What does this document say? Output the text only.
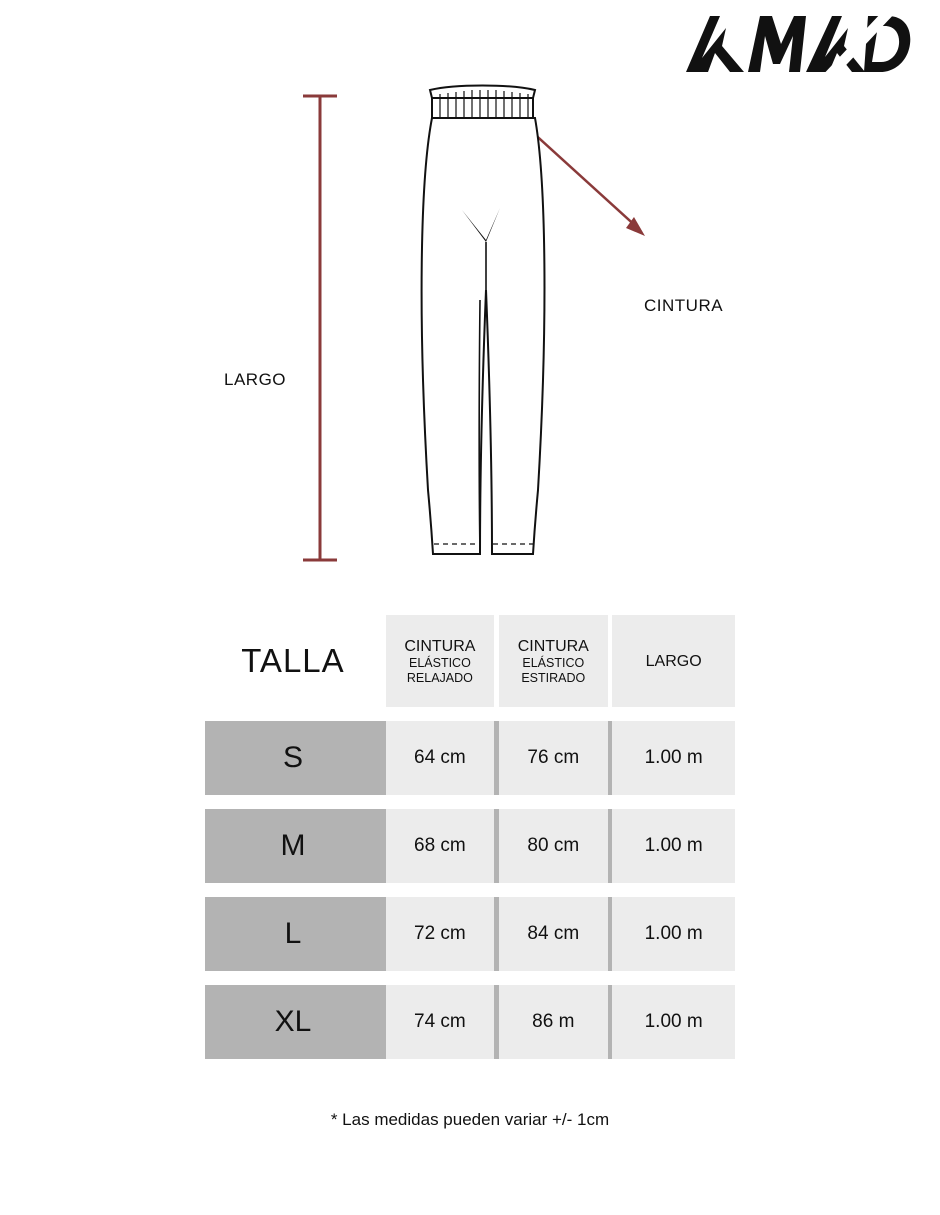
LARGO
CINTURA
TALLA		CINTURA
ELÁSTICO
RELAJADO		CINTURA
ELÁSTICO
ESTIRADO		LARGO

S		64 cm		76 cm		1.00 m

M		68 cm		80 cm		1.00 m

L		72 cm		84 cm		1.00 m

XL		74 cm		86 m		1.00 m
* Las medidas pueden variar +/- 1cm
